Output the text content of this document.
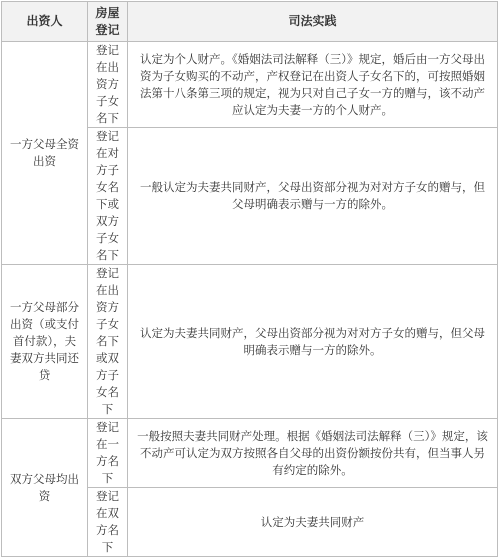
出资人	房屋登记	司法实践
一方父母全资出资	登记在出资方子女名下	认定为个人财产。《婚姻法司法解释（三）》规定，婚后由一方父母出资为子女购买的不动产，产权登记在出资人子女名下的，可按照婚姻法第十八条第三项的规定，视为只对自己子女一方的赠与，该不动产应认定为夫妻一方的个人财产。
	登记在对方子女名下或双方子女名下	一般认定为夫妻共同财产，父母出资部分视为对对方子女的赠与，但父母明确表示赠与一方的除外。
一方父母部分出资（或支付首付款），夫妻双方共同还贷	登记在出资方子女名下或双方子女名下	认定为夫妻共同财产，父母出资部分视为对对方子女的赠与，但父母明确表示赠与一方的除外。
双方父母均出资	登记在一方名下	一般按照夫妻共同财产处理。根据《婚姻法司法解释（三）》规定，该不动产可认定为双方按照各自父母的出资份额按份共有，但当事人另有约定的除外。
	登记在双方名下	认定为夫妻共同财产
